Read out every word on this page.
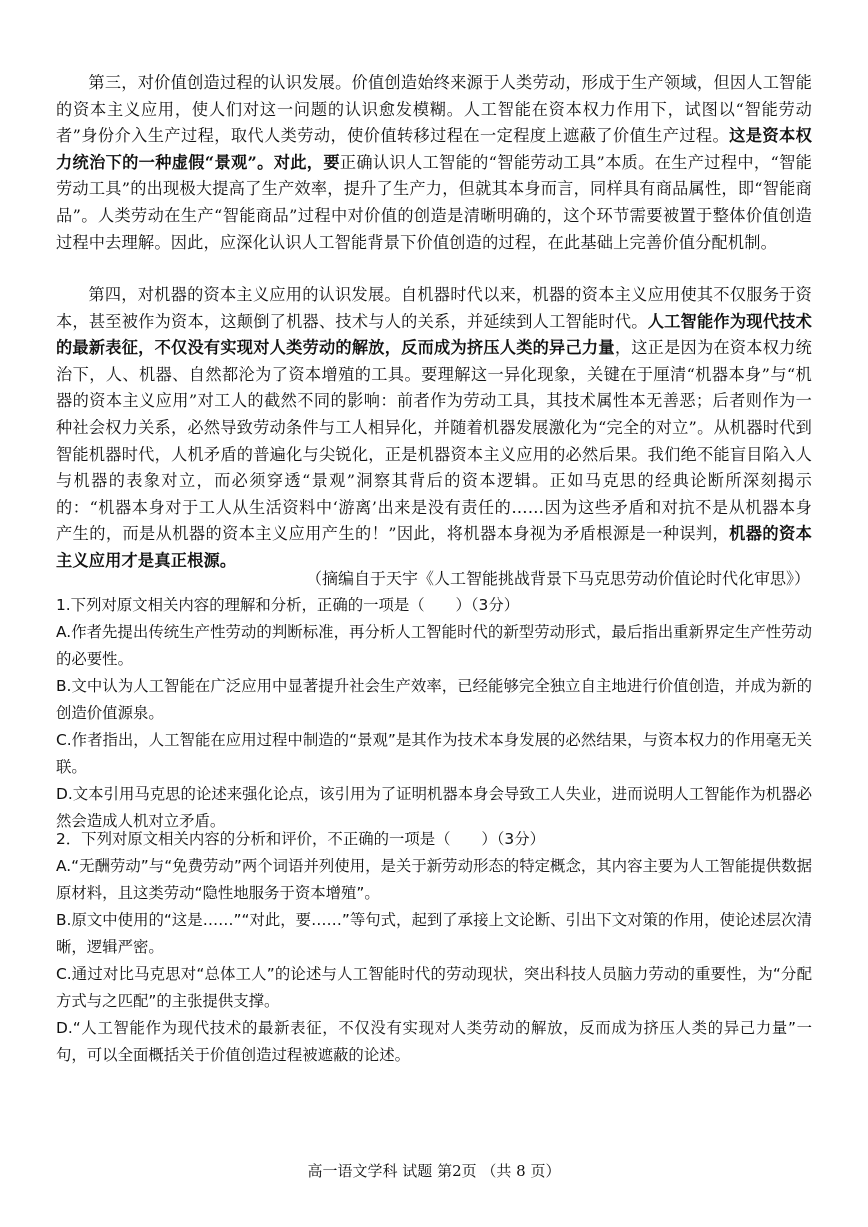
第三，对价值创造过程的认识发展。价值创造始终来源于人类劳动，形成于生产领域，但因人工智能的资本主义应用，使人们对这一问题的认识愈发模糊。人工智能在资本权力作用下，试图以“智能劳动者”身份介入生产过程，取代人类劳动，使价值转移过程在一定程度上遮蔽了价值生产过程。这是资本权力统治下的一种虚假“景观”。对此，要正确认识人工智能的“智能劳动工具”本质。在生产过程中，“智能劳动工具”的出现极大提高了生产效率，提升了生产力，但就其本身而言，同样具有商品属性，即“智能商品”。人类劳动在生产“智能商品”过程中对价值的创造是清晰明确的，这个环节需要被置于整体价值创造过程中去理解。因此，应深化认识人工智能背景下价值创造的过程，在此基础上完善价值分配机制。

第四，对机器的资本主义应用的认识发展。自机器时代以来，机器的资本主义应用使其不仅服务于资本，甚至被作为资本，这颠倒了机器、技术与人的关系，并延续到人工智能时代。人工智能作为现代技术的最新表征，不仅没有实现对人类劳动的解放，反而成为挤压人类的异己力量，这正是因为在资本权力统治下，人、机器、自然都沦为了资本增殖的工具。要理解这一异化现象，关键在于厘清“机器本身”与“机器的资本主义应用”对工人的截然不同的影响：前者作为劳动工具，其技术属性本无善恶；后者则作为一种社会权力关系，必然导致劳动条件与工人相异化，并随着机器发展激化为“完全的对立”。从机器时代到智能机器时代，人机矛盾的普遍化与尖锐化，正是机器资本主义应用的必然后果。我们绝不能盲目陷入人与机器的表象对立，而必须穿透“景观”洞察其背后的资本逻辑。正如马克思的经典论断所深刻揭示的：“机器本身对于工人从生活资料中‘游离’出来是没有责任的……因为这些矛盾和对抗不是从机器本身产生的，而是从机器的资本主义应用产生的！”因此，将机器本身视为矛盾根源是一种误判，机器的资本主义应用才是真正根源。

（摘编自于天宇《人工智能挑战背景下马克思劳动价值论时代化审思》）

1.下列对原文相关内容的理解和分析，正确的一项是（　　）（3分）

A.作者先提出传统生产性劳动的判断标准，再分析人工智能时代的新型劳动形式，最后指出重新界定生产性劳动的必要性。

B.文中认为人工智能在广泛应用中显著提升社会生产效率，已经能够完全独立自主地进行价值创造，并成为新的创造价值源泉。

C.作者指出，人工智能在应用过程中制造的“景观”是其作为技术本身发展的必然结果，与资本权力的作用毫无关联。

D.文本引用马克思的论述来强化论点，该引用为了证明机器本身会导致工人失业，进而说明人工智能作为机器必然会造成人机对立矛盾。

2．下列对原文相关内容的分析和评价，不正确的一项是（　　）（3分）

A.“无酬劳动”与“免费劳动”两个词语并列使用，是关于新劳动形态的特定概念，其内容主要为人工智能提供数据原材料，且这类劳动“隐性地服务于资本增殖”。

B.原文中使用的“这是……”“对此，要……”等句式，起到了承接上文论断、引出下文对策的作用，使论述层次清晰，逻辑严密。

C.通过对比马克思对“总体工人”的论述与人工智能时代的劳动现状，突出科技人员脑力劳动的重要性，为“分配方式与之匹配”的主张提供支撑。

D.“人工智能作为现代技术的最新表征，不仅没有实现对人类劳动的解放，反而成为挤压人类的异己力量”一句，可以全面概括关于价值创造过程被遮蔽的论述。

高一语文学科 试题 第2页 （共 8 页）
